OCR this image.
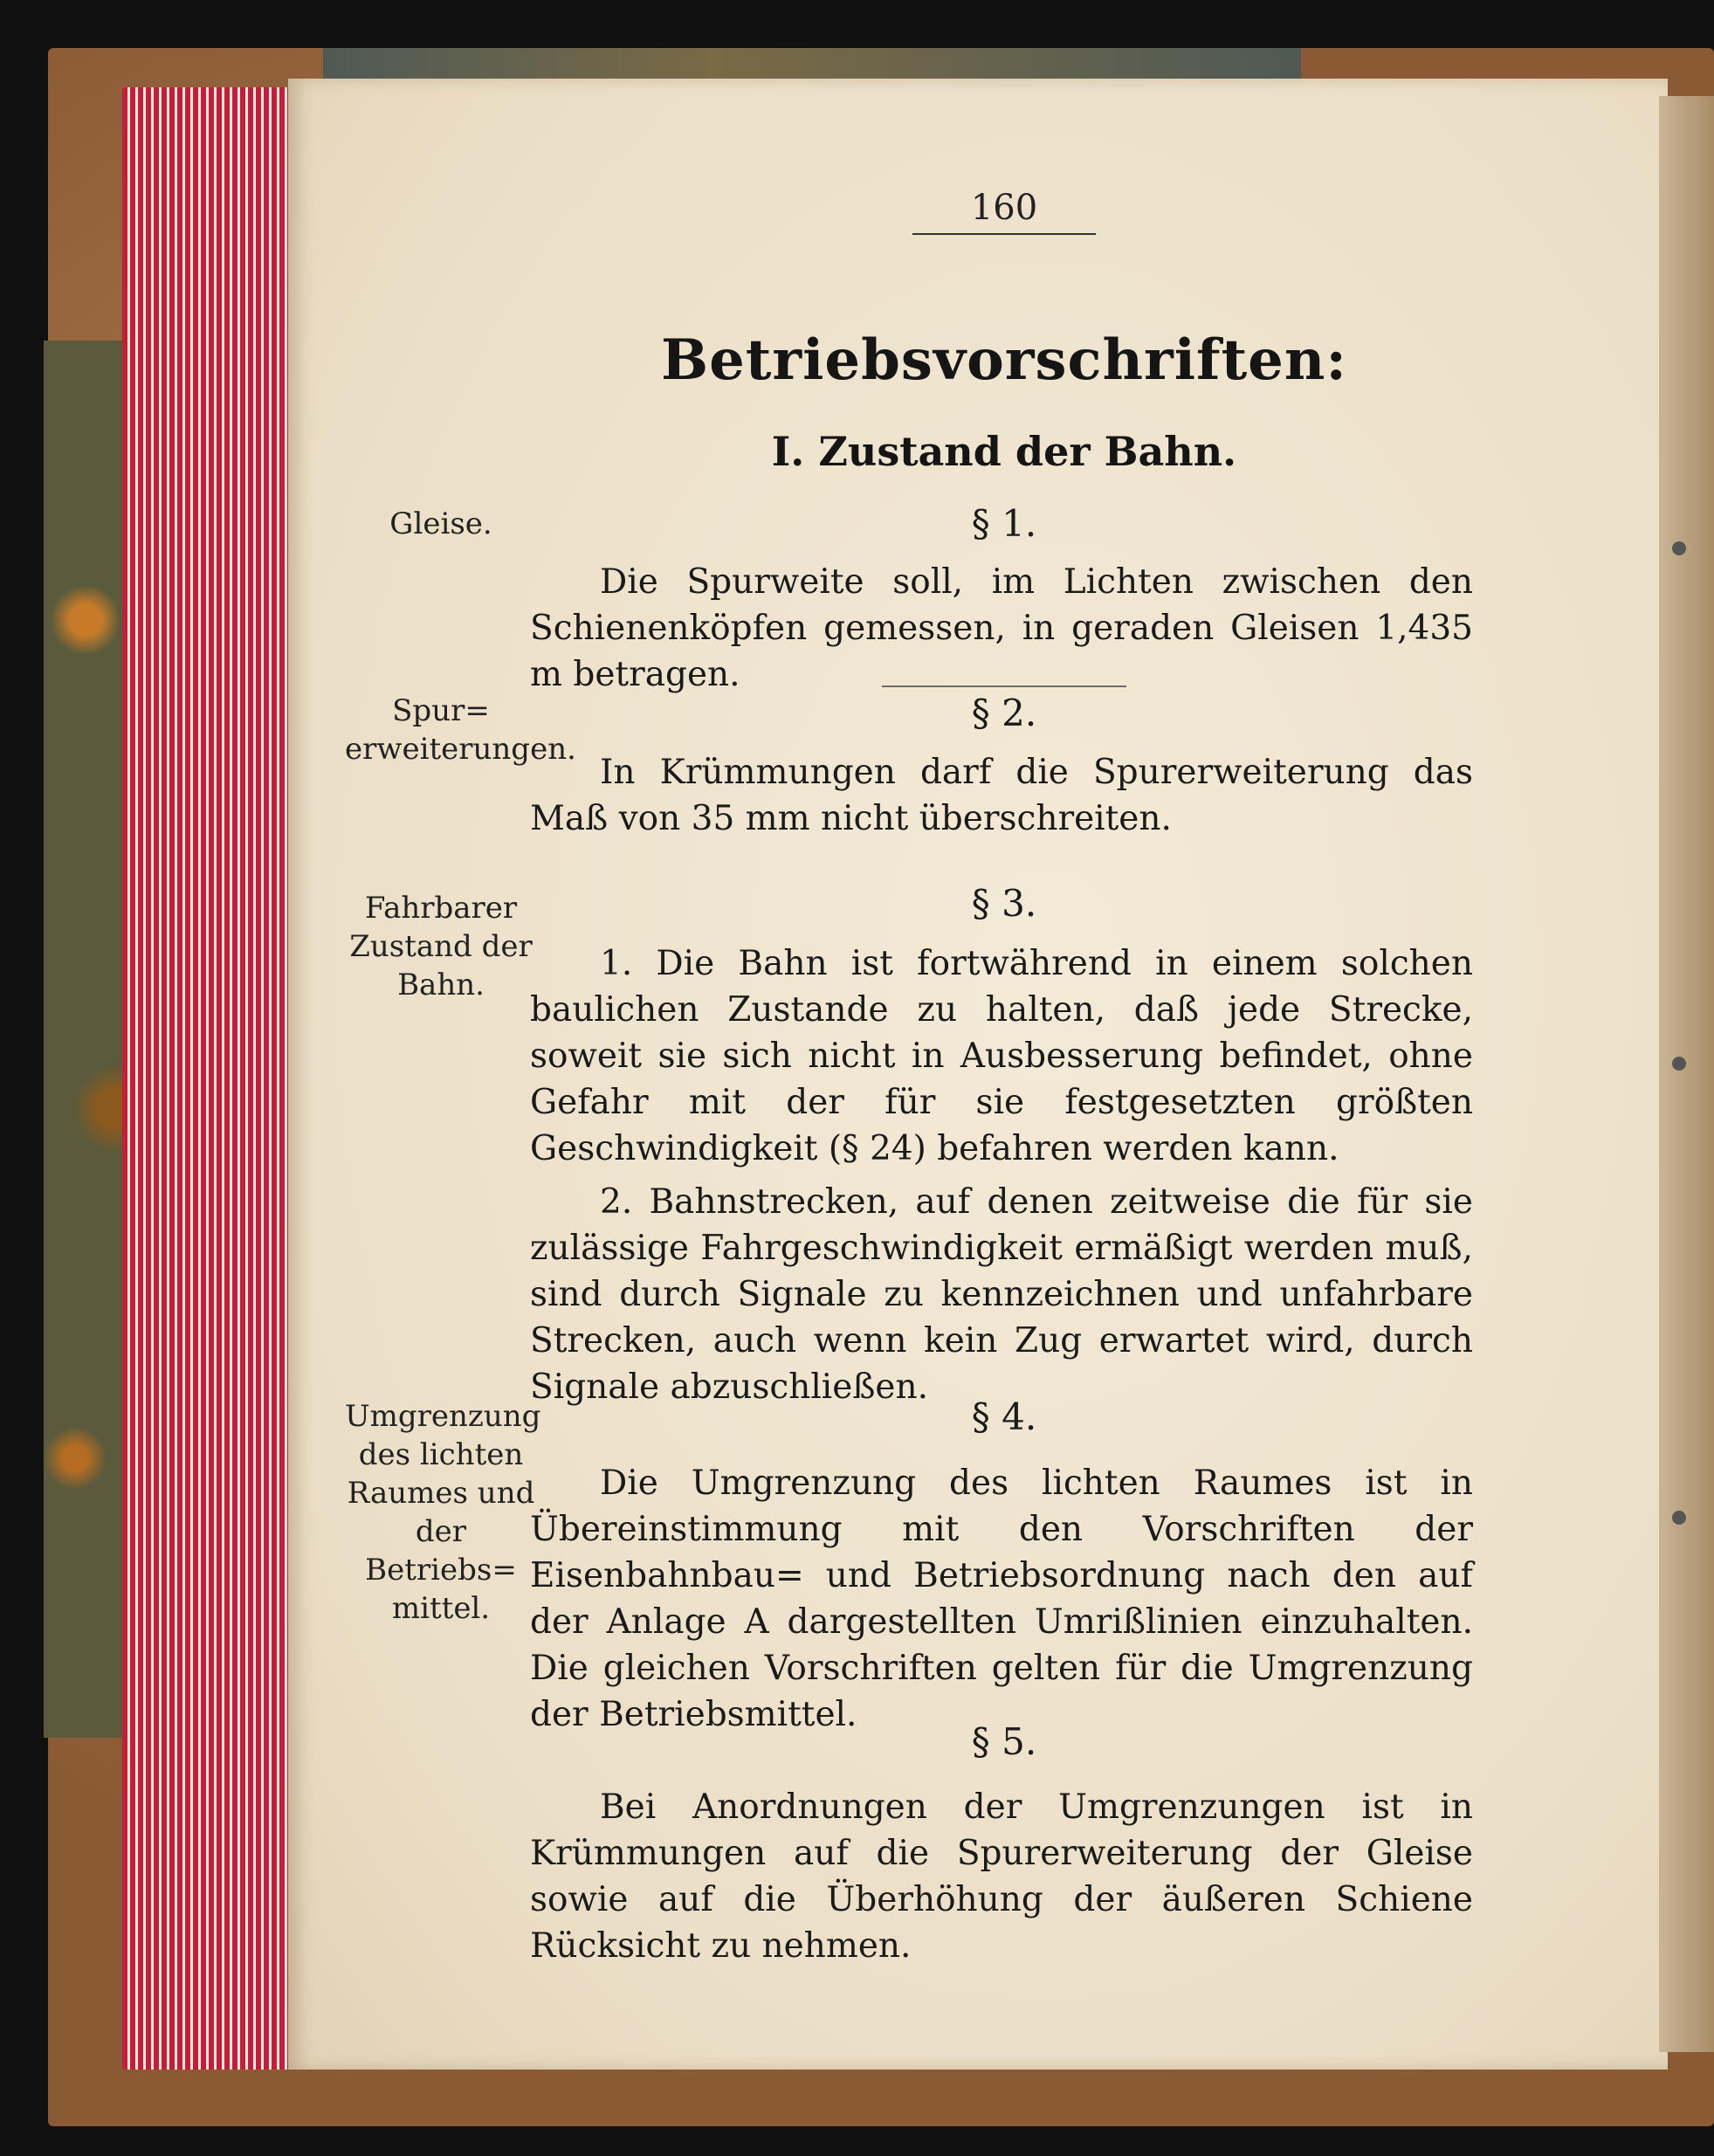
160
Betriebsvorschriften:
I. Zustand der Bahn.
Gleise.	§ 1.
Die Spurweite soll, im Lichten zwischen den Schienenköpfen gemessen, in geraden Gleisen 1,435 m betragen.
Spur=
erweiterungen.
§ 2.
In Krümmungen darf die Spurerweiterung das Maß von 35 mm nicht überschreiten.
Fahrbarer
Zustand der
Bahn.
§ 3.
1. Die Bahn ist fortwährend in einem solchen baulichen Zustande zu halten, daß jede Strecke, soweit sie sich nicht in Ausbesserung befindet, ohne Gefahr mit der für sie festgesetzten größten Geschwindigkeit (§ 24) befahren werden kann.
2. Bahnstrecken, auf denen zeitweise die für sie zulässige Fahrgeschwindigkeit ermäßigt werden muß, sind durch Signale zu kennzeichnen und unfahrbare Strecken, auch wenn kein Zug erwartet wird, durch Signale abzuschließen.
Umgrenzung
des lichten
Raumes und
der Betriebs=
mittel.
§ 4.
Die Umgrenzung des lichten Raumes ist in Übereinstimmung mit den Vorschriften der Eisenbahnbau= und Betriebsordnung nach den auf der Anlage A dargestellten Umrißlinien einzuhalten. Die gleichen Vorschriften gelten für die Umgrenzung der Betriebsmittel.
§ 5.
Bei Anordnungen der Umgrenzungen ist in Krümmungen auf die Spurerweiterung der Gleise sowie auf die Überhöhung der äußeren Schiene Rücksicht zu nehmen.
